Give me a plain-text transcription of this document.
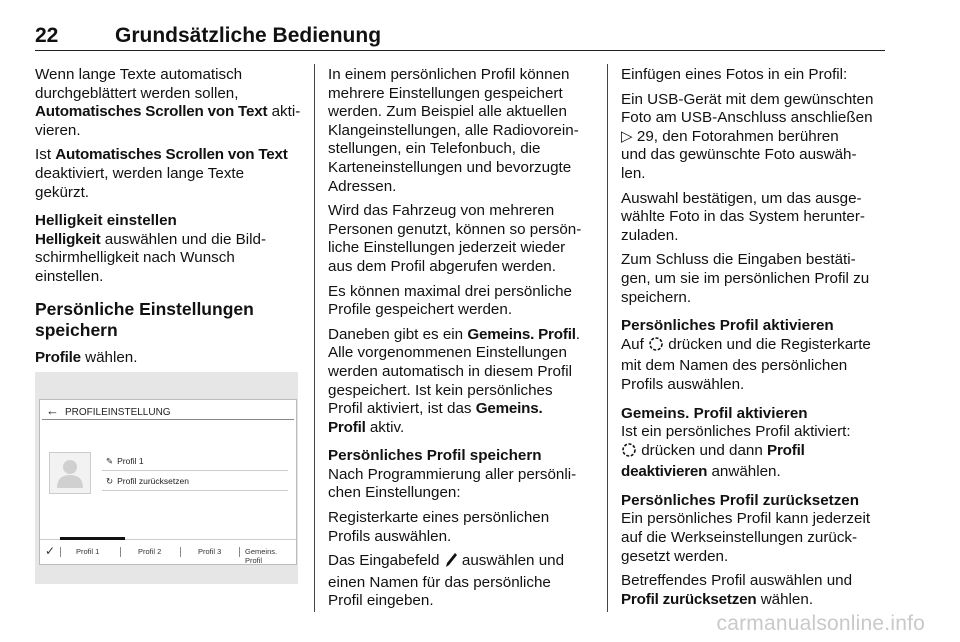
22	Grundsätzliche Bedienung

Wenn lange Texte automatisch
durchgeblättert werden sollen,
Automatisches Scrollen von Text akti-
vieren.

Ist Automatisches Scrollen von Text
deaktiviert, werden lange Texte
gekürzt.

Helligkeit einstellen

Helligkeit auswählen und die Bild-
schirmhelligkeit nach Wunsch
einstellen.

Persönliche Einstellungen
speichern

Profile wählen.

← PROFILEINSTELLUNG
✎ Profil 1
↻ Profil zurücksetzen
✓	Profil 1	Profil 2	Profil 3	Gemeins. Profil

In einem persönlichen Profil können
mehrere Einstellungen gespeichert
werden. Zum Beispiel alle aktuellen
Klangeinstellungen, alle Radiovorein-
stellungen, ein Telefonbuch, die
Karteneinstellungen und bevorzugte
Adressen.

Wird das Fahrzeug von mehreren
Personen genutzt, können so persön-
liche Einstellungen jederzeit wieder
aus dem Profil abgerufen werden.

Es können maximal drei persönliche
Profile gespeichert werden.

Daneben gibt es ein Gemeins. Profil.
Alle vorgenommenen Einstellungen
werden automatisch in diesem Profil
gespeichert. Ist kein persönliches
Profil aktiviert, ist das Gemeins.
Profil aktiv.

Persönliches Profil speichern

Nach Programmierung aller persönli-
chen Einstellungen:

Registerkarte eines persönlichen
Profils auswählen.

Das Eingabefeld  auswählen und
einen Namen für das persönliche
Profil eingeben.

Einfügen eines Fotos in ein Profil:

Ein USB-Gerät mit dem gewünschten
Foto am USB-Anschluss anschließen
▷ 29, den Fotorahmen berühren
und das gewünschte Foto auswäh-
len.

Auswahl bestätigen, um das ausge-
wählte Foto in das System herunter-
zuladen.

Zum Schluss die Eingaben bestäti-
gen, um sie im persönlichen Profil zu
speichern.

Persönliches Profil aktivieren

Auf  drücken und die Registerkarte
mit dem Namen des persönlichen
Profils auswählen.

Gemeins. Profil aktivieren

Ist ein persönliches Profil aktiviert:
drücken und dann Profil
deaktivieren anwählen.

Persönliches Profil zurücksetzen

Ein persönliches Profil kann jederzeit
auf die Werkseinstellungen zurück-
gesetzt werden.

Betreffendes Profil auswählen und
Profil zurücksetzen wählen.

carmanualsonline.info
